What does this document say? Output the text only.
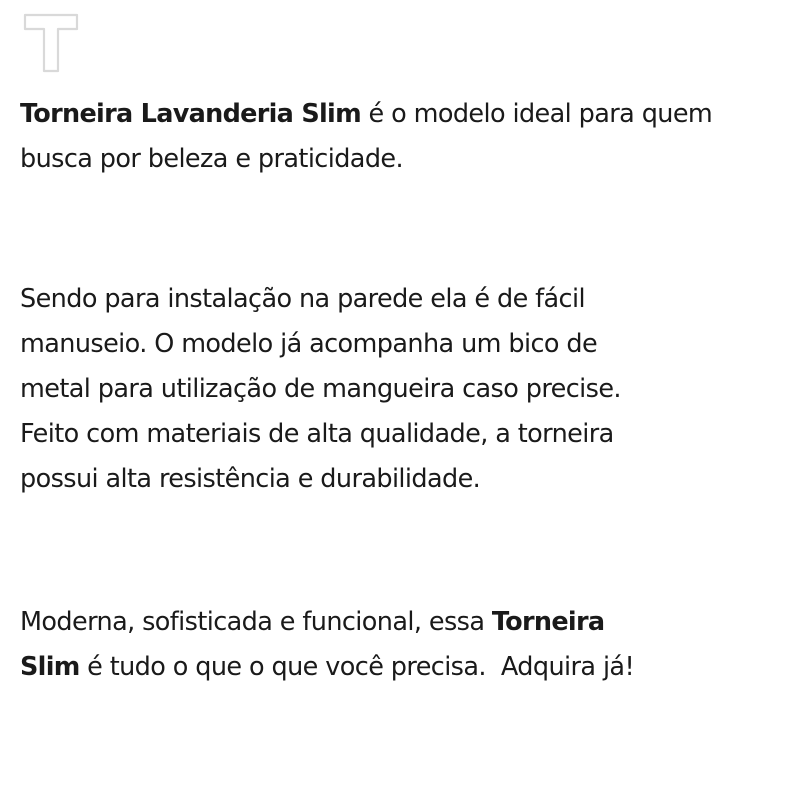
Torneira Lavanderia Slim é o modelo ideal para quem
busca por beleza e praticidade.

Sendo para instalação na parede ela é de fácil
manuseio. O modelo já acompanha um bico de
metal para utilização de mangueira caso precise.
Feito com materiais de alta qualidade, a torneira
possui alta resistência e durabilidade.

Moderna, sofisticada e funcional, essa Torneira
Slim é tudo o que o que você precisa.  Adquira já!
